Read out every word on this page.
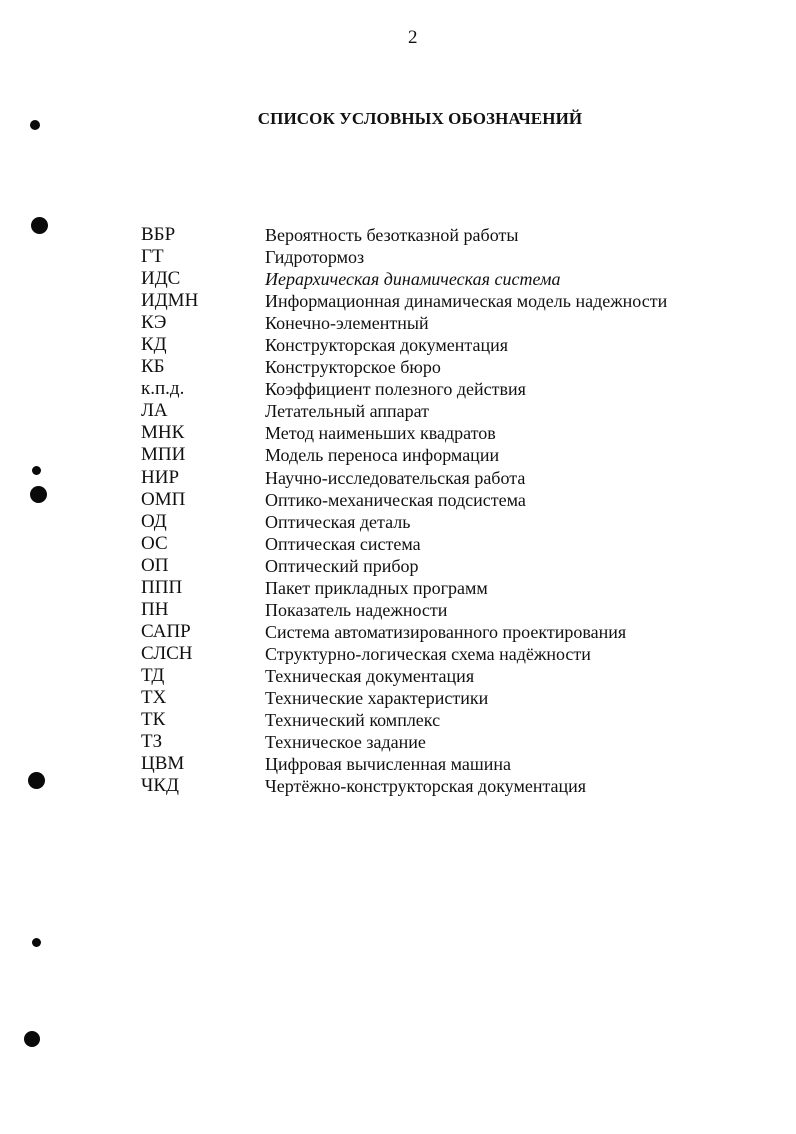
2
СПИСОК УСЛОВНЫХ ОБОЗНАЧЕНИЙ
ВБР	Вероятность безотказной работы
ГТ	Гидротормоз
ИДС	Иерархическая динамическая система
ИДМН	Информационная динамическая модель надежности
КЭ	Конечно-элементный
КД	Конструкторская документация
КБ	Конструкторское бюро
к.п.д.	Коэффициент полезного действия
ЛА	Летательный аппарат
МНК	Метод наименьших квадратов
МПИ	Модель переноса информации
НИР	Научно-исследовательская работа
ОМП	Оптико-механическая подсистема
ОД	Оптическая деталь
ОС	Оптическая система
ОП	Оптический прибор
ППП	Пакет прикладных программ
ПН	Показатель надежности
САПР	Система автоматизированного проектирования
СЛСН	Структурно-логическая схема надёжности
ТД	Техническая документация
ТХ	Технические характеристики
ТК	Технический комплекс
ТЗ	Техническое задание
ЦВМ	Цифровая вычисленная машина
ЧКД	Чертёжно-конструкторская документация
